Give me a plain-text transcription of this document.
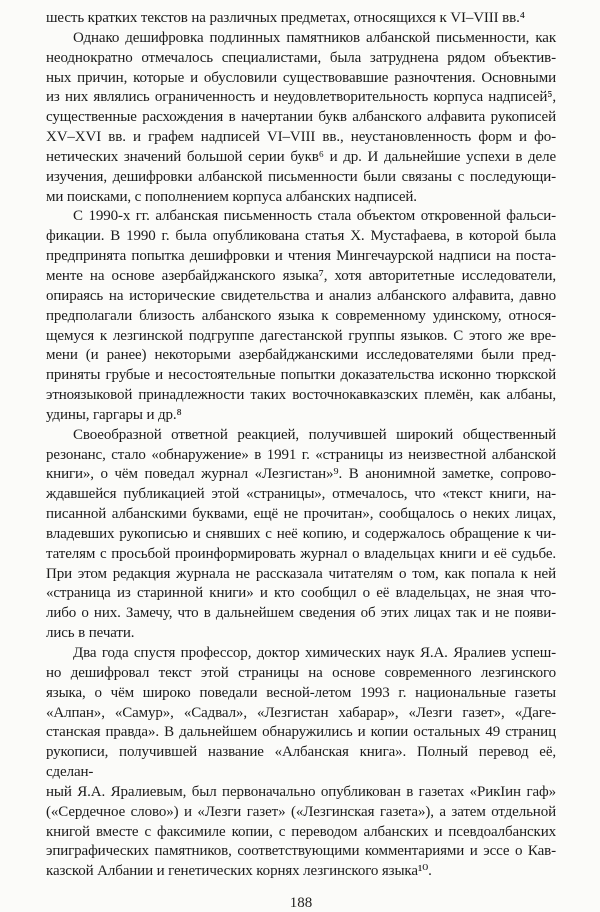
шесть кратких текстов на различных предметах, относящихся к VI–VIII вв.⁴
Однако дешифровка подлинных памятников албанской письменности, как
неоднократно отмечалось специалистами, была затруднена рядом объектив-
ных причин, которые и обусловили существовавшие разночтения. Основными
из них являлись ограниченность и неудовлетворительность корпуса надписей⁵,
существенные расхождения в начертании букв албанского алфавита рукописей
XV–XVI вв. и графем надписей VI–VIII вв., неустановленность форм и фо-
нетических значений большой серии букв⁶ и др. И дальнейшие успехи в деле
изучения, дешифровки албанской письменности были связаны с последующи-
ми поисками, с пополнением корпуса албанских надписей.
С 1990-х гг. албанская письменность стала объектом откровенной фальси-
фикации. В 1990 г. была опубликована статья Х. Мустафаева, в которой была
предпринята попытка дешифровки и чтения Мингечаурской надписи на поста-
менте на основе азербайджанского языка⁷, хотя авторитетные исследователи,
опираясь на исторические свидетельства и анализ албанского алфавита, давно
предполагали близость албанского языка к современному удинскому, относя-
щемуся к лезгинской подгруппе дагестанской группы языков. С этого же вре-
мени (и ранее) некоторыми азербайджанскими исследователями были пред-
приняты грубые и несостоятельные попытки доказательства исконно тюркской
этноязыковой принадлежности таких восточнокавказских племён, как албаны,
удины, гаргары и др.⁸
Своеобразной ответной реакцией, получившей широкий общественный
резонанс, стало «обнаружение» в 1991 г. «страницы из неизвестной албанской
книги», о чём поведал журнал «Лезгистан»⁹. В анонимной заметке, сопрово-
ждавшейся публикацией этой «страницы», отмечалось, что «текст книги, на-
писанной албанскими буквами, ещё не прочитан», сообщалось о неких лицах,
владевших рукописью и снявших с неё копию, и содержалось обращение к чи-
тателям с просьбой проинформировать журнал о владельцах книги и её судьбе.
При этом редакция журнала не рассказала читателям о том, как попала к ней
«страница из старинной книги» и кто сообщил о её владельцах, не зная что-
либо о них. Замечу, что в дальнейшем сведения об этих лицах так и не появи-
лись в печати.
Два года спустя профессор, доктор химических наук Я.А. Яралиев успеш-
но дешифровал текст этой страницы на основе современного лезгинского
языка, о чём широко поведали весной-летом 1993 г. национальные газеты
«Алпан», «Самур», «Садвал», «Лезгистан хабарар», «Лезги газет», «Даге-
станская правда». В дальнейшем обнаружились и копии остальных 49 страниц
рукописи, получившей название «Албанская книга». Полный перевод её, сделан-
ный Я.А. Яралиевым, был первоначально опубликован в газетах «РикIин гаф»
(«Сердечное слово») и «Лезги газет» («Лезгинская газета»), а затем отдельной
книгой вместе с факсимиле копии, с переводом албанских и псевдоалбанских
эпиграфических памятников, соответствующими комментариями и эссе о Кав-
казской Албании и генетических корнях лезгинского языка¹⁰.
188
